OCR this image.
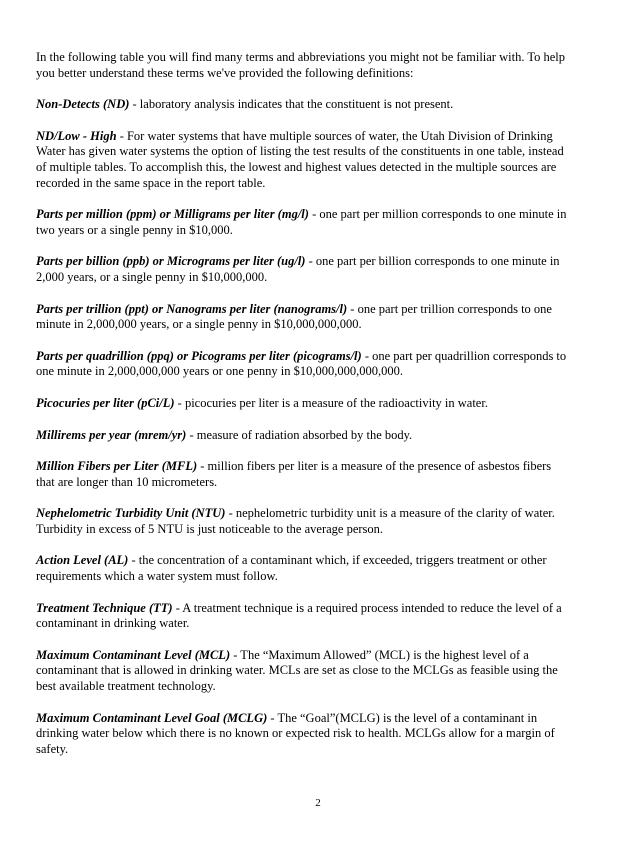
In the following table you will find many terms and abbreviations you might not be familiar with. To help you better understand these terms we've provided the following definitions:

Non-Detects (ND) - laboratory analysis indicates that the constituent is not present.

ND/Low - High - For water systems that have multiple sources of water, the Utah Division of Drinking Water has given water systems the option of listing the test results of the constituents in one table, instead of multiple tables. To accomplish this, the lowest and highest values detected in the multiple sources are recorded in the same space in the report table.

Parts per million (ppm) or Milligrams per liter (mg/l) - one part per million corresponds to one minute in two years or a single penny in $10,000.

Parts per billion (ppb) or Micrograms per liter (ug/l) - one part per billion corresponds to one minute in 2,000 years, or a single penny in $10,000,000.

Parts per trillion (ppt) or Nanograms per liter (nanograms/l) - one part per trillion corresponds to one minute in 2,000,000 years, or a single penny in $10,000,000,000.

Parts per quadrillion (ppq) or Picograms per liter (picograms/l) - one part per quadrillion corresponds to one minute in 2,000,000,000 years or one penny in $10,000,000,000,000.

Picocuries per liter (pCi/L) - picocuries per liter is a measure of the radioactivity in water.

Millirems per year (mrem/yr) - measure of radiation absorbed by the body.

Million Fibers per Liter (MFL) - million fibers per liter is a measure of the presence of asbestos fibers that are longer than 10 micrometers.

Nephelometric Turbidity Unit (NTU) - nephelometric turbidity unit is a measure of the clarity of water. Turbidity in excess of 5 NTU is just noticeable to the average person.

Action Level (AL) - the concentration of a contaminant which, if exceeded, triggers treatment or other requirements which a water system must follow.

Treatment Technique (TT) - A treatment technique is a required process intended to reduce the level of a contaminant in drinking water.

Maximum Contaminant Level (MCL) - The “Maximum Allowed” (MCL) is the highest level of a contaminant that is allowed in drinking water. MCLs are set as close to the MCLGs as feasible using the best available treatment technology.

Maximum Contaminant Level Goal (MCLG) - The “Goal”(MCLG) is the level of a contaminant in drinking water below which there is no known or expected risk to health. MCLGs allow for a margin of safety.

2
